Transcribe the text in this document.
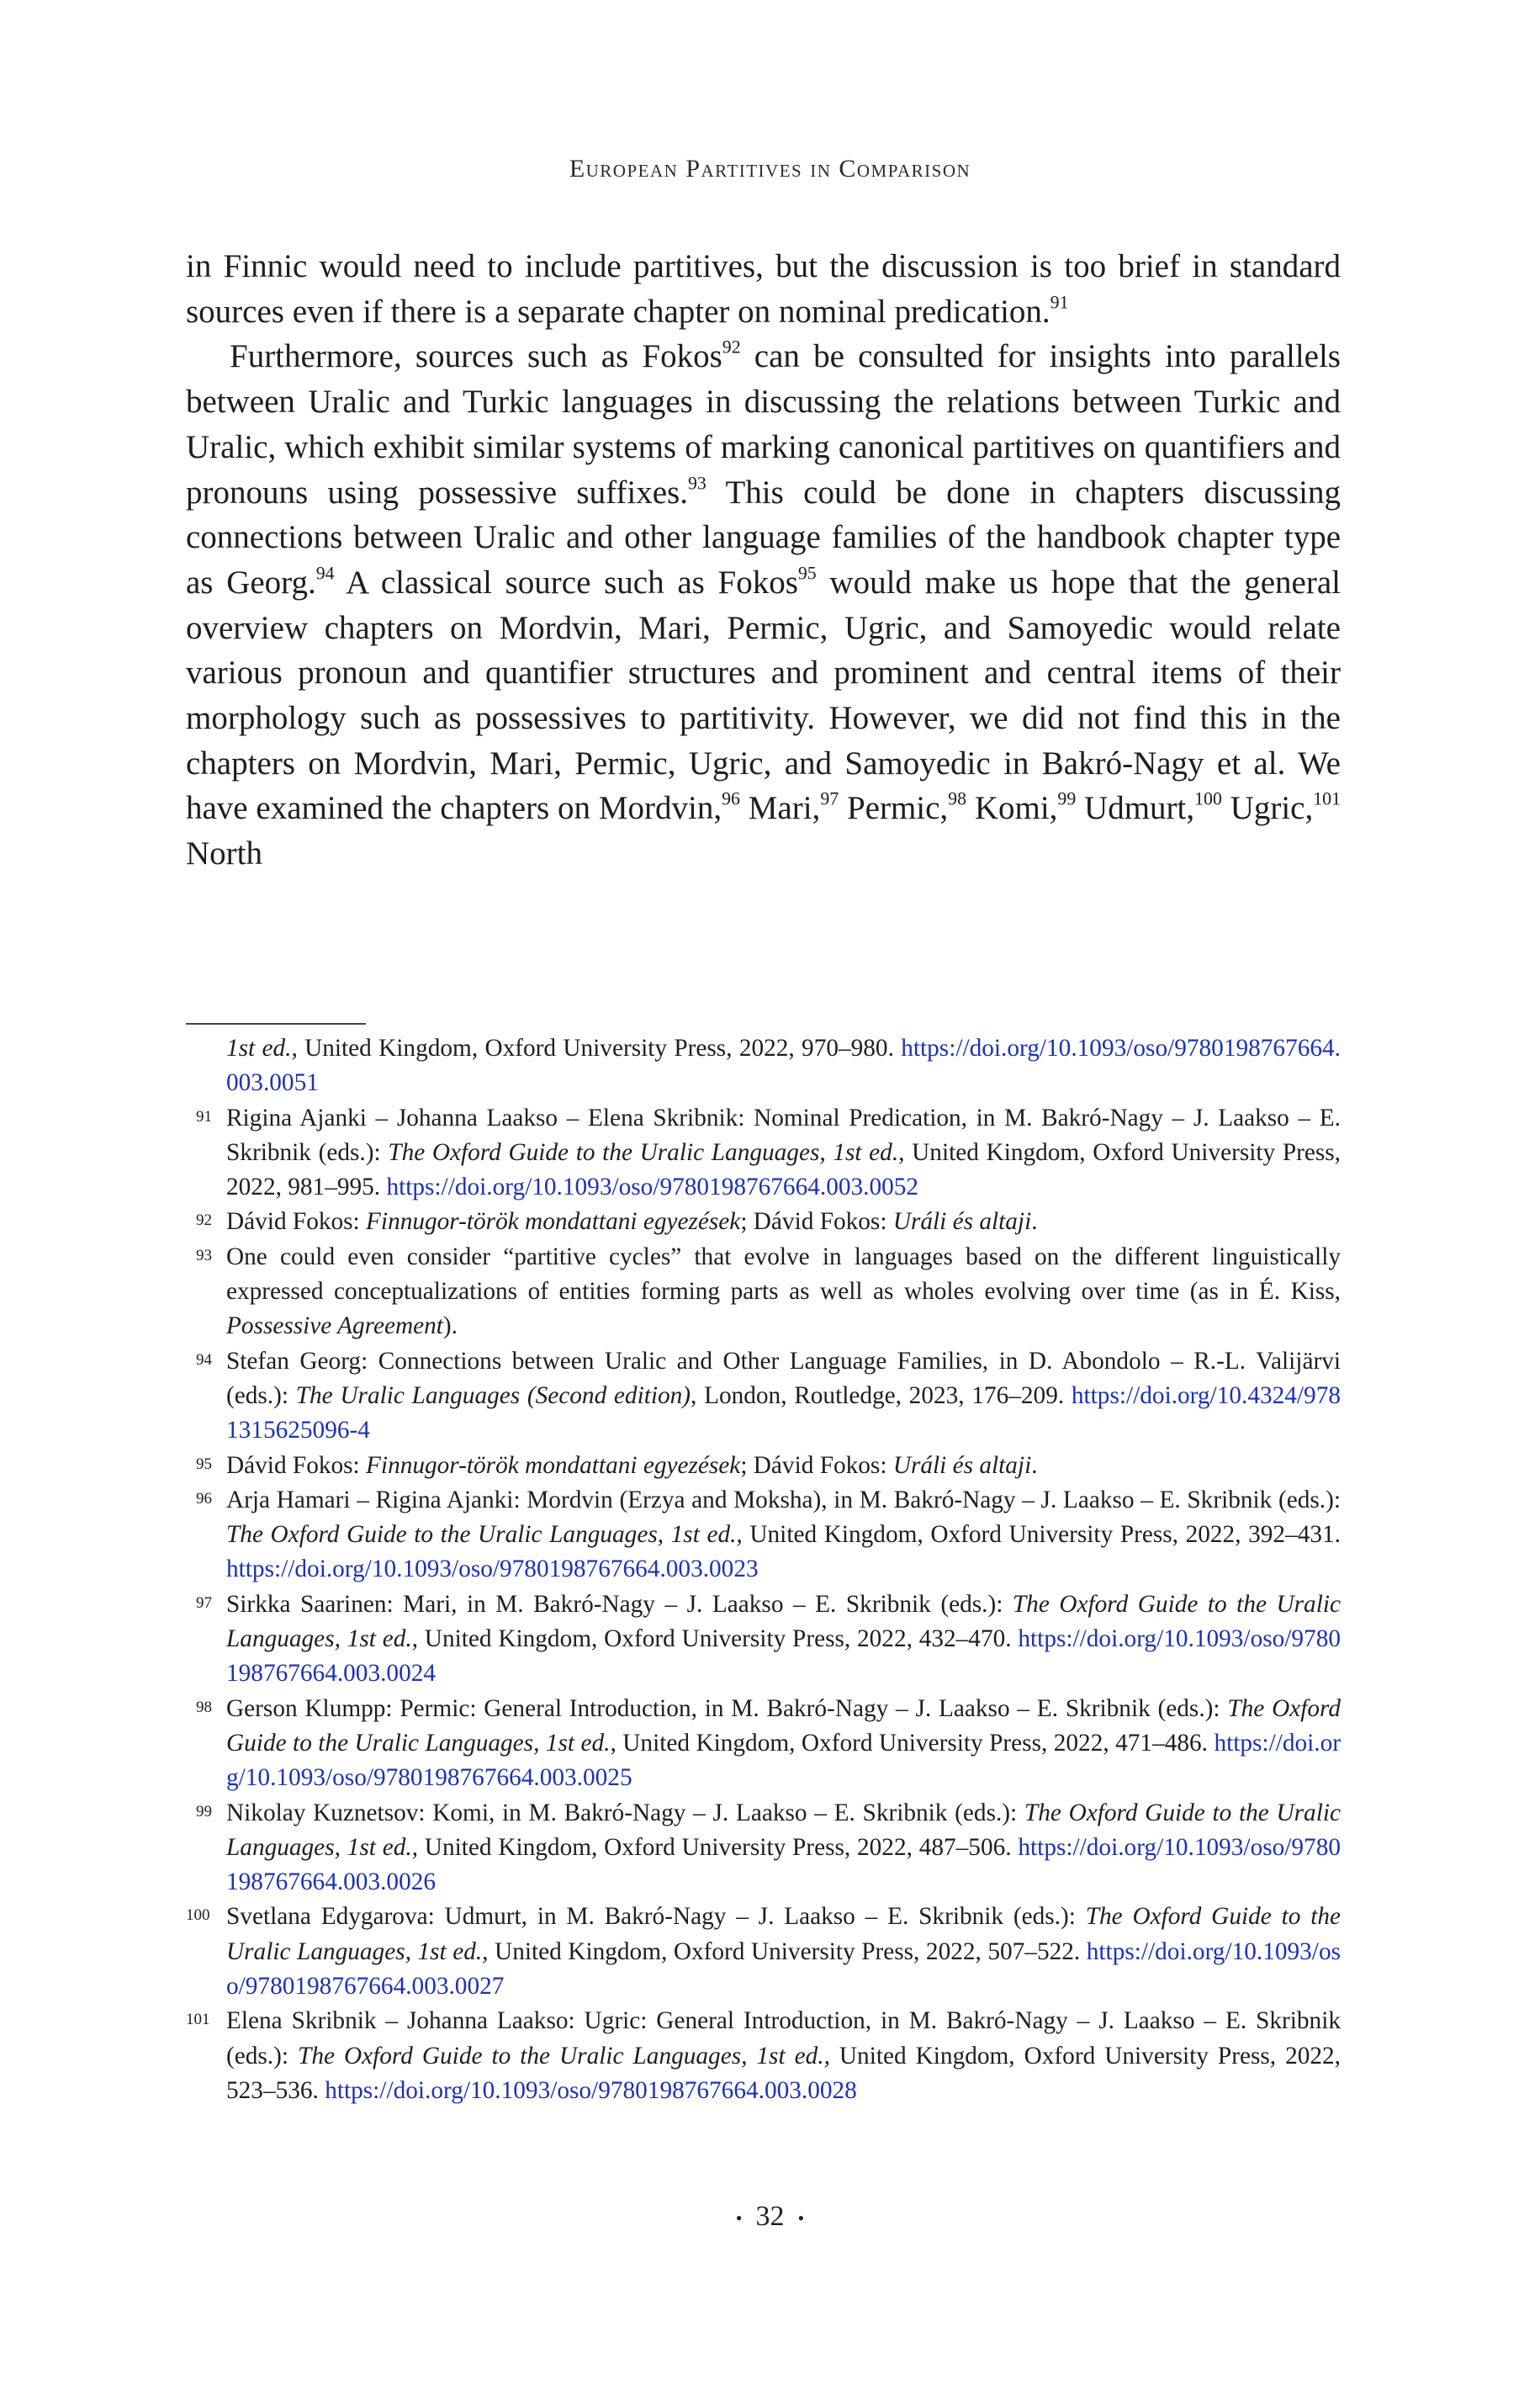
European Partitives in Comparison

in Finnic would need to include partitives, but the discussion is too brief in standard sources even if there is a separate chapter on nominal predication.$^{91}$

Furthermore, sources such as Fokos$^{92}$ can be consulted for insights into parallels between Uralic and Turkic languages in discussing the relations between Turkic and Uralic, which exhibit similar systems of marking canonical partitives on quantifiers and pronouns using possessive suffixes.$^{93}$ This could be done in chapters discussing connections between Uralic and other language families of the handbook chapter type as Georg.$^{94}$ A classical source such as Fokos$^{95}$ would make us hope that the general overview chapters on Mordvin, Mari, Permic, Ugric, and Samoyedic would relate various pronoun and quantifier structures and prominent and central items of their morphology such as possessives to partitivity. However, we did not find this in the chapters on Mordvin, Mari, Permic, Ugric, and Samoyedic in Bakró-Nagy et al. We have examined the chapters on Mordvin,$^{96}$ Mari,$^{97}$ Permic,$^{98}$ Komi,$^{99}$ Udmurt,$^{100}$ Ugric,$^{101}$ North

1st ed., United Kingdom, Oxford University Press, 2022, 970–980. https://doi.org/10.1093/oso/9780198767664.003.0051
91 Rigina Ajanki – Johanna Laakso – Elena Skribnik: Nominal Predication, in M. Bakró-Nagy – J. Laakso – E. Skribnik (eds.): The Oxford Guide to the Uralic Languages, 1st ed., United Kingdom, Oxford University Press, 2022, 981–995. https://doi.org/10.1093/oso/9780198767664.003.0052
92 Dávid Fokos: Finnugor-török mondattani egyezések; Dávid Fokos: Uráli és altaji.
93 One could even consider “partitive cycles” that evolve in languages based on the different linguistically expressed conceptualizations of entities forming parts as well as wholes evolving over time (as in É. Kiss, Possessive Agreement).
94 Stefan Georg: Connections between Uralic and Other Language Families, in D. Abondolo – R.-L. Valijärvi (eds.): The Uralic Languages (Second edition), London, Routledge, 2023, 176–209. https://doi.org/10.4324/9781315625096-4
95 Dávid Fokos: Finnugor-török mondattani egyezések; Dávid Fokos: Uráli és altaji.
96 Arja Hamari – Rigina Ajanki: Mordvin (Erzya and Moksha), in M. Bakró-Nagy – J. Laakso – E. Skribnik (eds.): The Oxford Guide to the Uralic Languages, 1st ed., United Kingdom, Oxford University Press, 2022, 392–431. https://doi.org/10.1093/oso/9780198767664.003.0023
97 Sirkka Saarinen: Mari, in M. Bakró-Nagy – J. Laakso – E. Skribnik (eds.): The Oxford Guide to the Uralic Languages, 1st ed., United Kingdom, Oxford University Press, 2022, 432–470. https://doi.org/10.1093/oso/9780198767664.003.0024
98 Gerson Klumpp: Permic: General Introduction, in M. Bakró-Nagy – J. Laakso – E. Skribnik (eds.): The Oxford Guide to the Uralic Languages, 1st ed., United Kingdom, Oxford University Press, 2022, 471–486. https://doi.org/10.1093/oso/9780198767664.003.0025
99 Nikolay Kuznetsov: Komi, in M. Bakró-Nagy – J. Laakso – E. Skribnik (eds.): The Oxford Guide to the Uralic Languages, 1st ed., United Kingdom, Oxford University Press, 2022, 487–506. https://doi.org/10.1093/oso/9780198767664.003.0026
100 Svetlana Edygarova: Udmurt, in M. Bakró-Nagy – J. Laakso – E. Skribnik (eds.): The Oxford Guide to the Uralic Languages, 1st ed., United Kingdom, Oxford University Press, 2022, 507–522. https://doi.org/10.1093/oso/9780198767664.003.0027
101 Elena Skribnik – Johanna Laakso: Ugric: General Introduction, in M. Bakró-Nagy – J. Laakso – E. Skribnik (eds.): The Oxford Guide to the Uralic Languages, 1st ed., United Kingdom, Oxford University Press, 2022, 523–536. https://doi.org/10.1093/oso/9780198767664.003.0028
• 32 •
